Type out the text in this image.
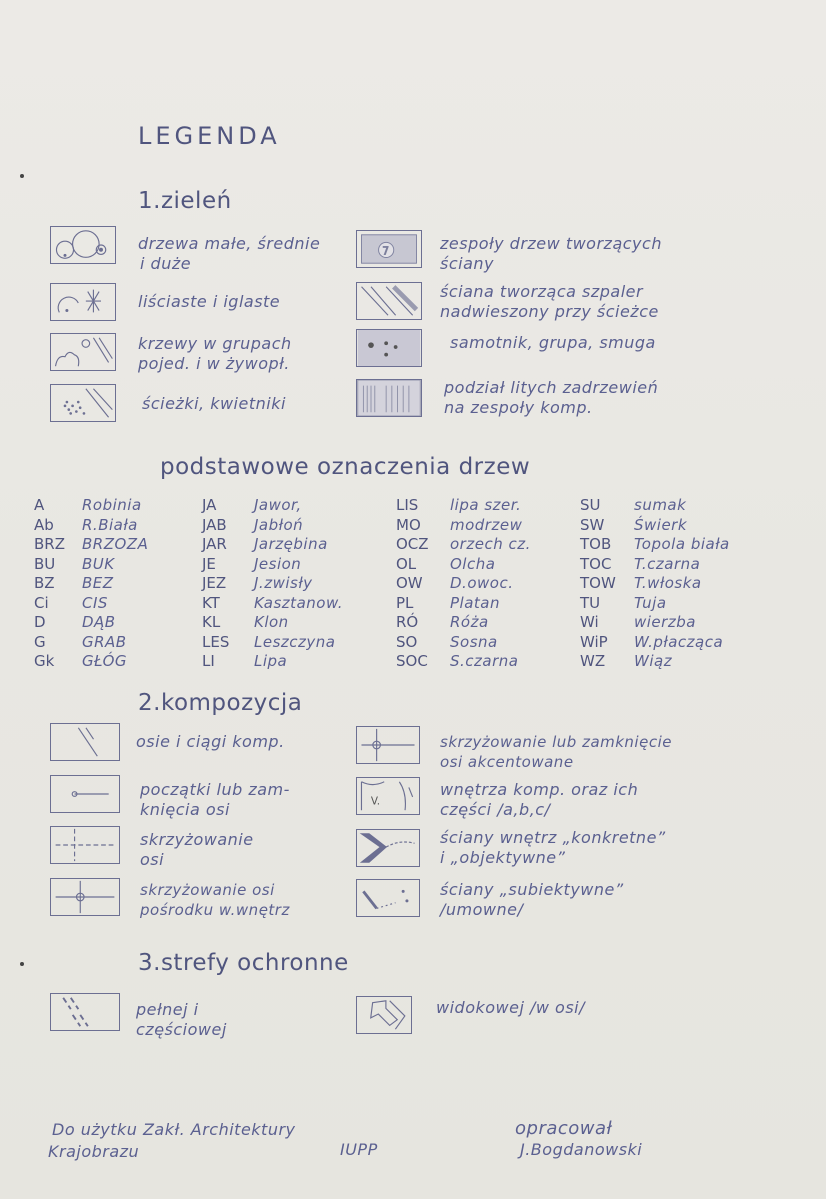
LEGENDA
1.zieleń
7
drzewa małe, średnie
i duże
liściaste i iglaste
krzewy w grupach
pojed. i w żywopł.
ścieżki, kwietniki
zespoły drzew tworzących
ściany
ściana tworząca szpaler
nadwieszony przy ścieżce
samotnik, grupa, smuga
podział litych zadrzewień
na zespoły komp.
podstawowe oznaczenia drzew
A	Robinia
Ab R.Biała
BRZ BRZOZA
BU BUK
BZ BEZ
Ci CIS
D DĄB
G GRAB
Gk GŁÓG
JA	Jawor,
JAB Jabłoń
JAR Jarzębina
JE	Jesion
JEZ J.zwisły
KT Kasztanow.
KL Klon
LES Leszczyna
LI	Lipa
LIS lipa szer.
MO modrzew
OCZ orzech cz.
OL Olcha
OW D.owoc.
PL Platan
RÓ Róża
SO Sosna
SOC S.czarna
SU sumak
SW Świerk
TOB Topola biała
TOC T.czarna
TOW T.włoska
TU Tuja
Wi wierzba
WiP W.płacząca
WZ Wiąz
2.kompozycja
V.
osie i ciągi komp.
początki lub zam-
knięcia osi
skrzyżowanie
osi
skrzyżowanie osi
pośrodku w.wnętrz
skrzyżowanie lub zamknięcie
osi akcentowane
wnętrza komp. oraz ich
części /a,b,c/
ściany wnętrz „konkretne”
i „objektywne”
ściany „subiektywne”
/umowne/
3.strefy ochronne
pełnej i
częściowej
widokowej /w osi/
Do użytku Zakł. Architektury
Krajobrazu	IUPP
opracował
J.Bogdanowski
